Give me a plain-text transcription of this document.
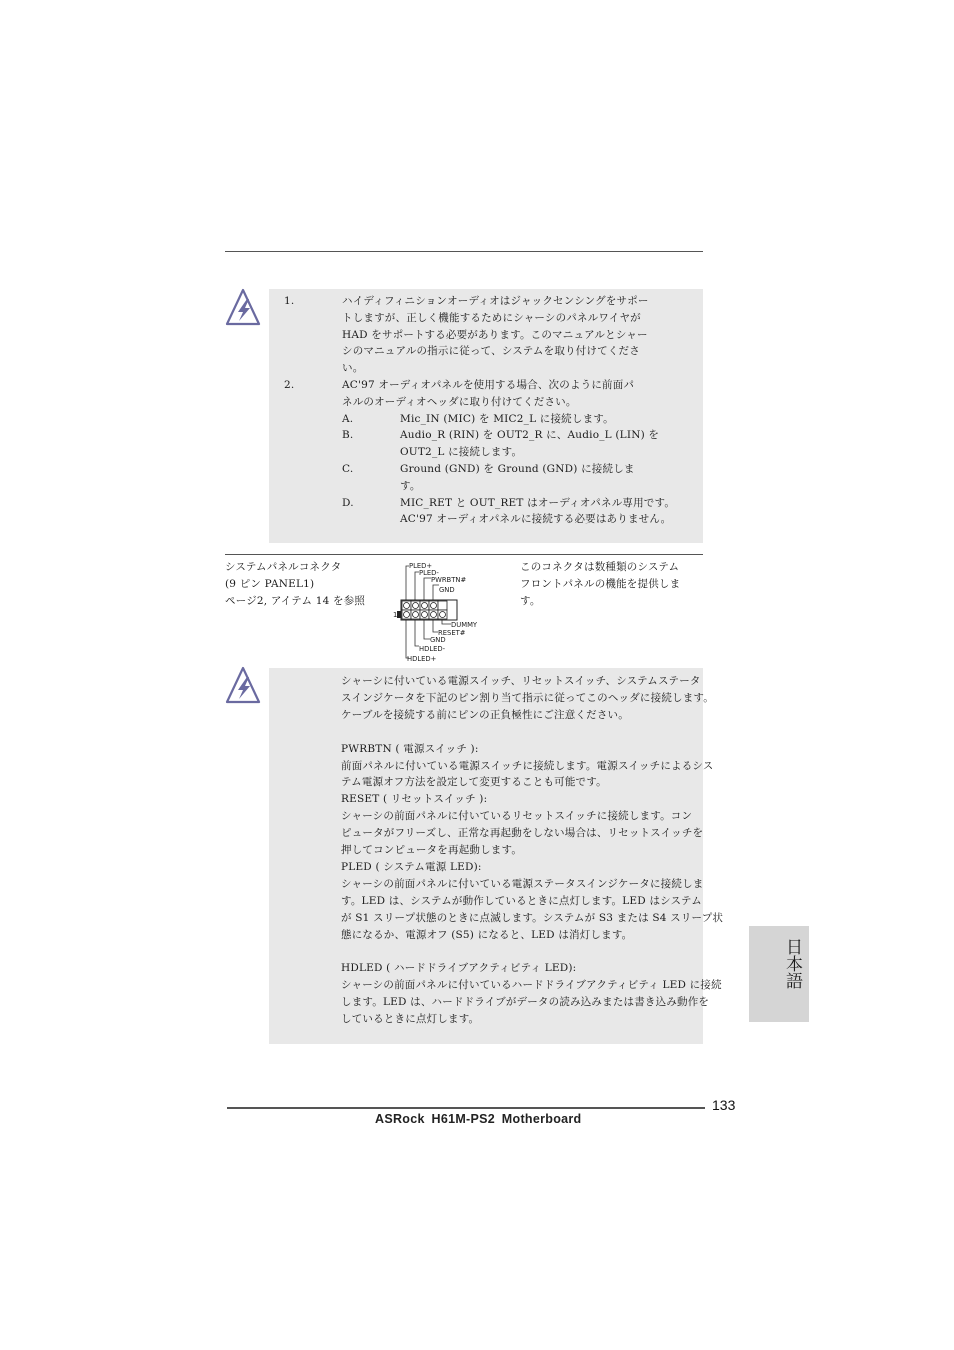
1.	ハイディフィニションオーディオはジャックセンシングをサポー
トしますが、正しく機能するためにシャーシのパネルワイヤが
HAD をサポートする必要があります。このマニュアルとシャー
シのマニュアルの指示に従って、システムを取り付けてくださ
い。
2.	AC'97 オーディオパネルを使用する場合、次のように前面パ
ネルのオーディオヘッダに取り付けてください。
A.	Mic_IN (MIC) を MIC2_L に接続します。
B.	Audio_R (RIN) を OUT2_R に、Audio_L (LIN) を
OUT2_L に接続します。
C.	Ground (GND) を Ground (GND) に接続しま
す。
D.	MIC_RET と OUT_RET はオーディオパネル専用です。
AC'97 オーディオパネルに接続する必要はありません。
システムパネルコネクタ
(9 ピン PANEL1)
ページ2, アイテム 14 を参照
このコネクタは数種類のシステム
フロントパネルの機能を提供しま
す。
1
PLED+
PLED-
PWRBTN#
GND
DUMMY
RESET#
GND
HDLED-
HDLED+
シャーシに付いている電源スイッチ、リセットスイッチ、システムステータ
スインジケータを下記のピン割り当て指示に従ってこのヘッダに接続します。
ケーブルを接続する前にピンの正負極性にご注意ください。
PWRBTN ( 電源スイッチ ):
前面パネルに付いている電源スイッチに接続します。電源スイッチによるシス
テム電源オフ方法を設定して変更することも可能です。
RESET ( リセットスイッチ ):
シャーシの前面パネルに付いているリセットスイッチに接続します。コン
ピュータがフリーズし、正常な再起動をしない場合は、リセットスイッチを
押してコンピュータを再起動します。
PLED ( システム電源 LED):
シャーシの前面パネルに付いている電源ステータスインジケータに接続しま
す。LED は、システムが動作しているときに点灯します。LED はシステム
が S1 スリープ状態のときに点滅します。システムが S3 または S4 スリープ状
態になるか、電源オフ (S5) になると、LED は消灯します。
HDLED ( ハードドライブアクティビティ LED):
シャーシの前面パネルに付いているハードドライブアクティビティ LED に接続
します。LED は、ハードドライブがデータの読み込みまたは書き込み動作を
しているときに点灯します。
日本語
133
ASRock H61M-PS2 Motherboard
